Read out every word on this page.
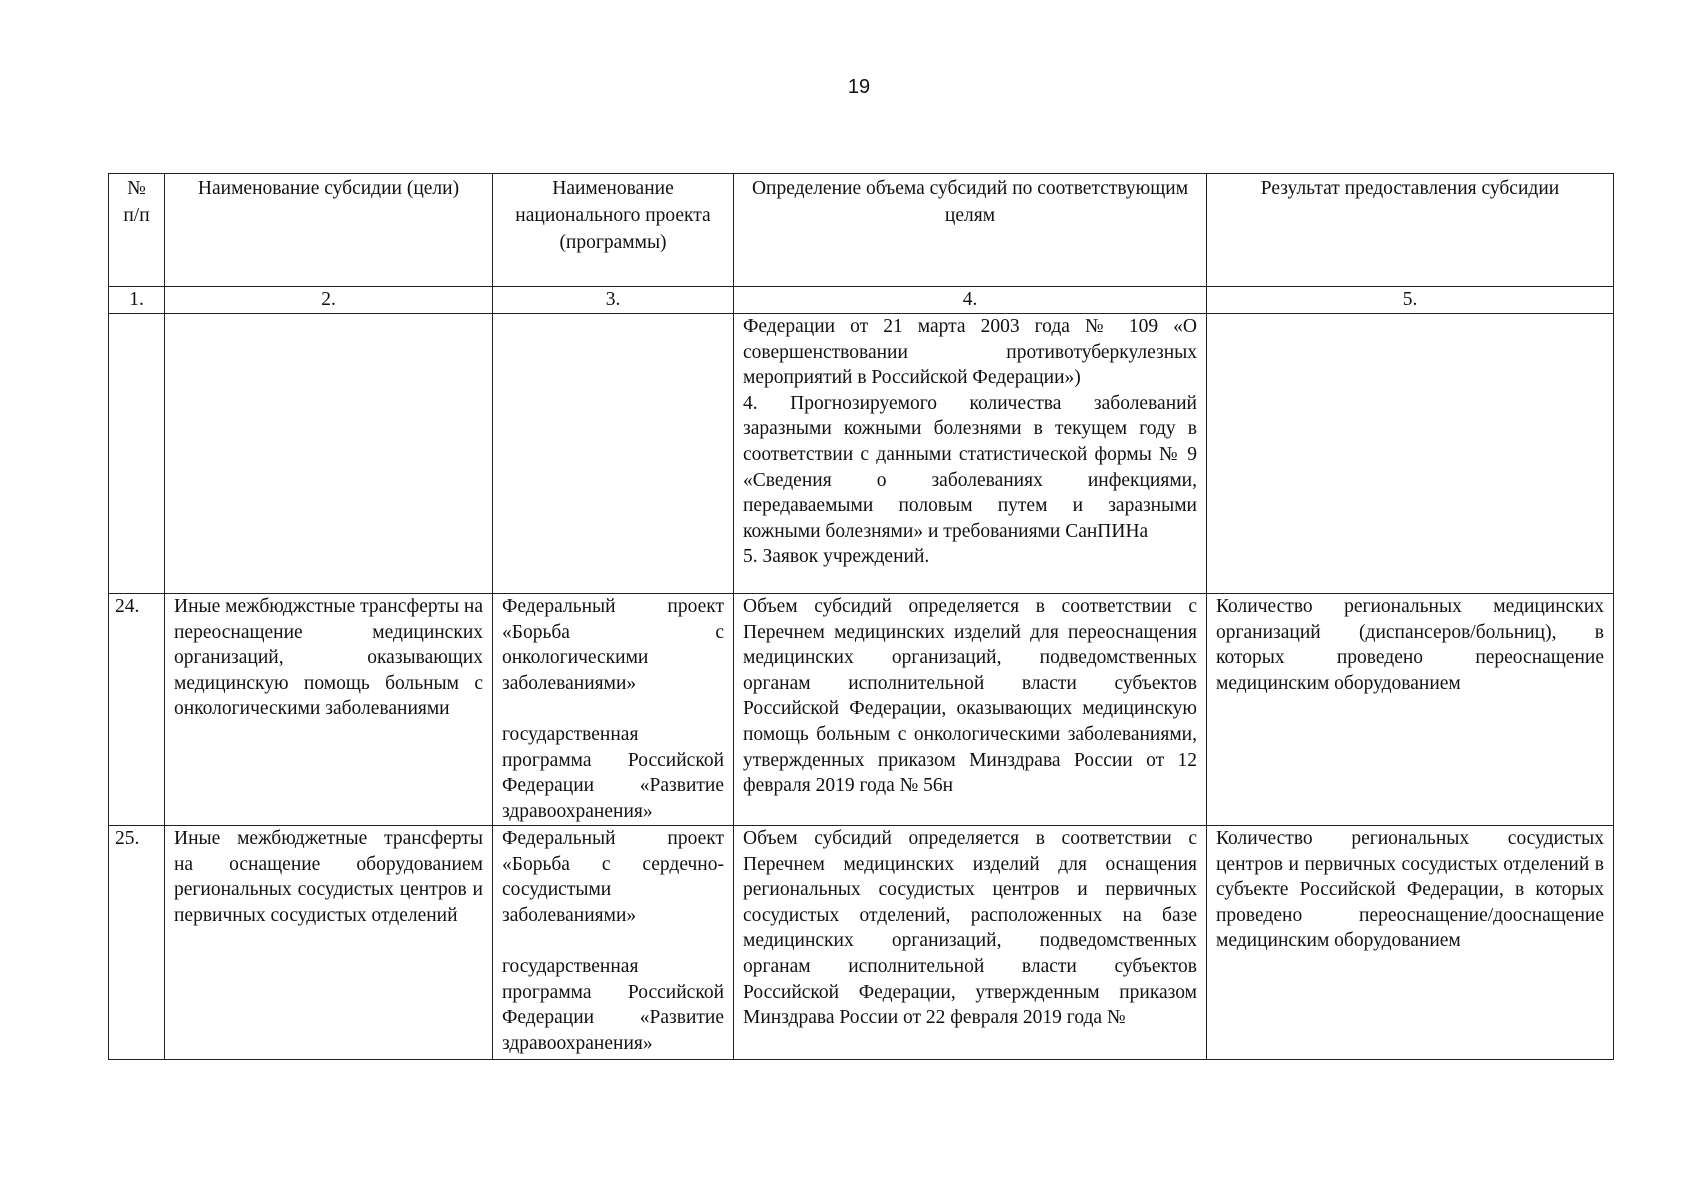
19
№ п/п	Наименование субсидии (цели)	Наименование национального проекта (программы)	Определение объема субсидий по соответствующим целям	Результат предоставления субсидии
1.	2.	3.	4.	5.

			Федерации от 21 марта 2003 года № 109 «О совершенствовании противотуберкулезных мероприятий в Российской Федерации»)

4. Прогнозируемого количества заболеваний заразными кожными болезнями в текущем году в соответствии с данными статистической формы № 9 «Сведения о заболеваниях инфекциями, передаваемыми половым путем и заразными кожными болезнями» и требованиями СанПИНа

5. Заявок учреждений.	

24.	Иные межбюджстные трансферты на переоснащение медицинских организаций, оказывающих медицинскую помощь больным с онкологическими заболеваниями	Федеральный проект «Борьба с онкологическими заболеваниями»

государственная программа Российской Федерации «Развитие здравоохранения»	Объем субсидий определяется в соответствии с Перечнем медицинских изделий для переоснащения медицинских организаций, подведомственных органам исполнительной власти субъектов Российской Федерации, оказывающих медицинскую помощь больным с онкологическими заболеваниями, утвержденных приказом Минздрава России от 12 февраля 2019 года № 56н	Количество региональных медицинских организаций (диспансеров/больниц), в которых проведено переоснащение медицинским оборудованием
25.	Иные межбюджетные трансферты на оснащение оборудованием региональных сосудистых центров и первичных сосудистых отделений	Федеральный проект «Борьба с сердечно-сосудистыми заболеваниями»

государственная программа Российской Федерации «Развитие здравоохранения»	Объем субсидий определяется в соответствии с Перечнем медицинских изделий для оснащения региональных сосудистых центров и первичных сосудистых отделений, расположенных на базе медицинских организаций, подведомственных органам исполнительной власти субъектов Российской Федерации, утвержденным приказом Минздрава России от 22 февраля 2019 года №	Количество региональных сосудистых центров и первичных сосудистых отделений в субъекте Российской Федерации, в которых проведено переоснащение/дооснащение медицинским оборудованием
